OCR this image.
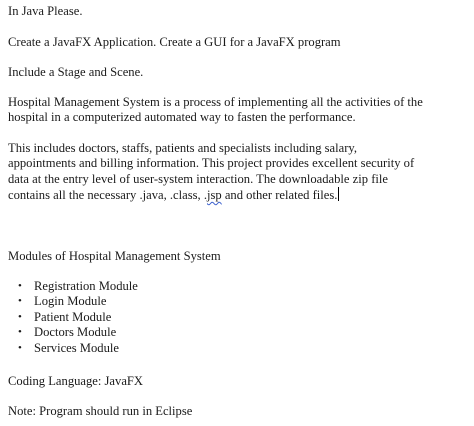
In Java Please.

Create a JavaFX Application. Create a GUI for a JavaFX program

Include a Stage and Scene.

Hospital Management System is a process of implementing all the activities of the

hospital in a computerized automated way to fasten the performance.

This includes doctors, staffs, patients and specialists including salary,

appointments and billing information. This project provides excellent security of

data at the entry level of user-system interaction. The downloadable zip file

contains all the necessary .java, .class, .jsp and other related files.

Modules of Hospital Management System

• Registration Module
• Login Module
• Patient Module
• Doctors Module
• Services Module

Coding Language: JavaFX

Note: Program should run in Eclipse
